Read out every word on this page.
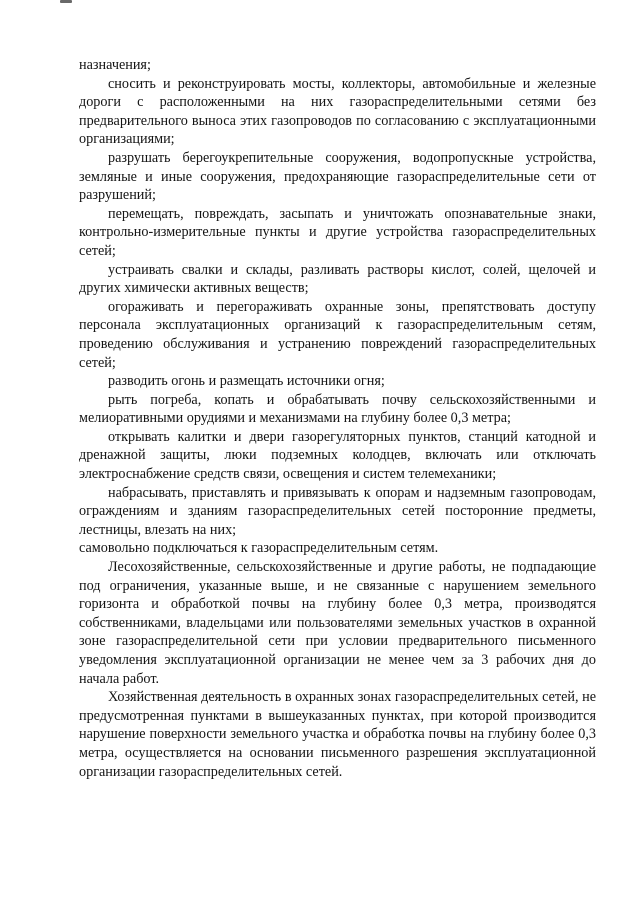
назначения;

сносить и реконструировать мосты, коллекторы, автомобильные и железные дороги с расположенными на них газораспределительными сетями без предварительного выноса этих газопроводов по согласованию с эксплуатационными организациями;

разрушать берегоукрепительные сооружения, водопропускные устройства, земляные и иные сооружения, предохраняющие газораспределительные сети от разрушений;

перемещать, повреждать, засыпать и уничтожать опознавательные знаки, контрольно-измерительные пункты и другие устройства газораспределительных сетей;

устраивать свалки и склады, разливать растворы кислот, солей, щелочей и других химически активных веществ;

огораживать и перегораживать охранные зоны, препятствовать доступу персонала эксплуатационных организаций к газораспределительным сетям, проведению обслуживания и устранению повреждений газораспределительных сетей;

разводить огонь и размещать источники огня;

рыть погреба, копать и обрабатывать почву сельскохозяйственными и мелиоративными орудиями и механизмами на глубину более 0,3 метра;

открывать калитки и двери газорегуляторных пунктов, станций катодной и дренажной защиты, люки подземных колодцев, включать или отключать электроснабжение средств связи, освещения и систем телемеханики;

набрасывать, приставлять и привязывать к опорам и надземным газопроводам, ограждениям и зданиям газораспределительных сетей посторонние предметы, лестницы, влезать на них;

самовольно подключаться к газораспределительным сетям.

Лесохозяйственные, сельскохозяйственные и другие работы, не подпадающие под ограничения, указанные выше, и не связанные с нарушением земельного горизонта и обработкой почвы на глубину более 0,3 метра, производятся собственниками, владельцами или пользователями земельных участков в охранной зоне газораспределительной сети при условии предварительного письменного уведомления эксплуатационной организации не менее чем за 3 рабочих дня до начала работ.

Хозяйственная деятельность в охранных зонах газораспределительных сетей, не предусмотренная пунктами в вышеуказанных пунктах, при которой производится нарушение поверхности земельного участка и обработка почвы на глубину более 0,3 метра, осуществляется на основании письменного разрешения эксплуатационной организации газораспределительных сетей.
